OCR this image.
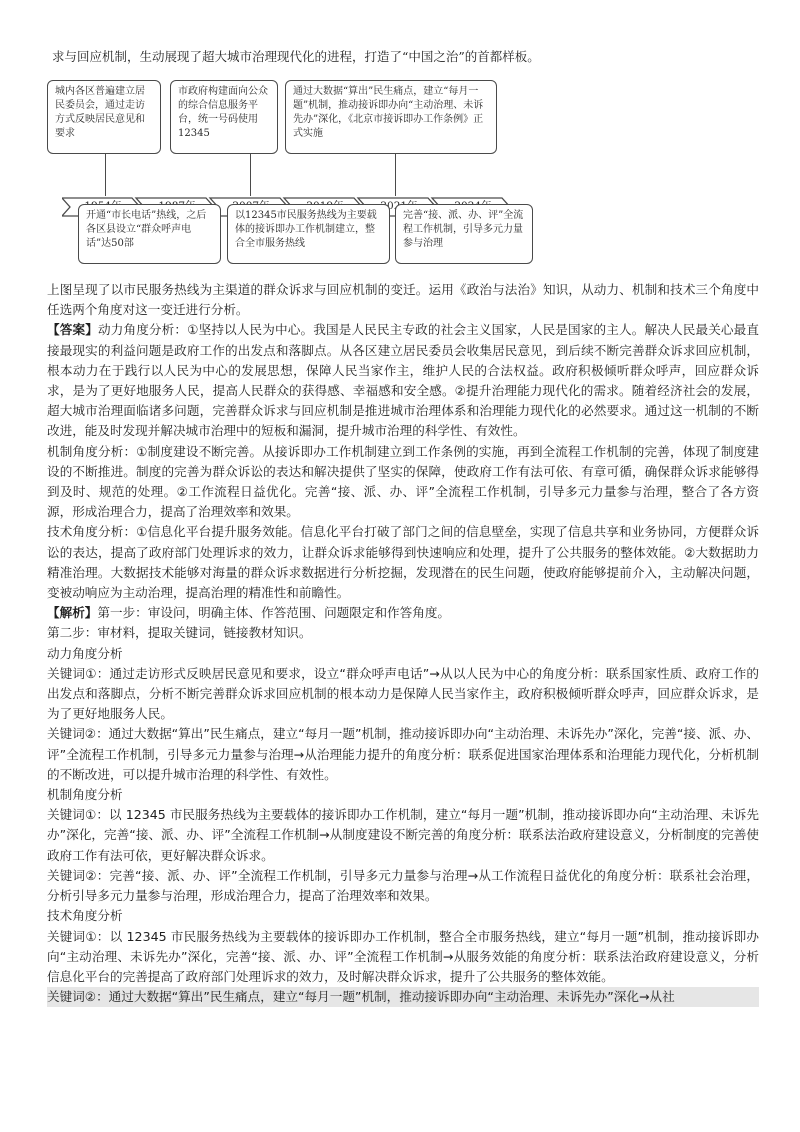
求与回应机制，生动展现了超大城市治理现代化的进程，打造了“中国之治”的首都样板。
城内各区普遍建立居民委员会，通过走访方式反映居民意见和要求
市政府构建面向公众的综合信息服务平台，统一号码使用12345
通过大数据“算出”民生痛点，建立“每月一题”机制，推动接诉即办向“主动治理、未诉先办”深化，《北京市接诉即办工作条例》正式实施
开通“市长电话”热线，之后各区县设立“群众呼声电话”达50部
以12345市民服务热线为主要载体的接诉即办工作机制建立，整合全市服务热线
完善“接、派、办、评”全流程工作机制，引导多元力量参与治理

上图呈现了以市民服务热线为主渠道的群众诉求与回应机制的变迁。运用《政治与法治》知识，从动力、机制和技术三个角度中任选两个角度对这一变迁进行分析。

【答案】动力角度分析：①坚持以人民为中心。我国是人民民主专政的社会主义国家，人民是国家的主人。解决人民最关心最直接最现实的利益问题是政府工作的出发点和落脚点。从各区建立居民委员会收集居民意见，到后续不断完善群众诉求回应机制，根本动力在于践行以人民为中心的发展思想，保障人民当家作主，维护人民的合法权益。政府积极倾听群众呼声，回应群众诉求，是为了更好地服务人民，提高人民群众的获得感、幸福感和安全感。②提升治理能力现代化的需求。随着经济社会的发展，超大城市治理面临诸多问题，完善群众诉求与回应机制是推进城市治理体系和治理能力现代化的必然要求。通过这一机制的不断改进，能及时发现并解决城市治理中的短板和漏洞，提升城市治理的科学性、有效性。

机制角度分析：①制度建设不断完善。从接诉即办工作机制建立到工作条例的实施，再到全流程工作机制的完善，体现了制度建设的不断推进。制度的完善为群众诉讼的表达和解决提供了坚实的保障，使政府工作有法可依、有章可循，确保群众诉求能够得到及时、规范的处理。②工作流程日益优化。完善“接、派、办、评”全流程工作机制，引导多元力量参与治理，整合了各方资源，形成治理合力，提高了治理效率和效果。

技术角度分析：①信息化平台提升服务效能。信息化平台打破了部门之间的信息壁垒，实现了信息共享和业务协同，方便群众诉讼的表达，提高了政府部门处理诉求的效力，让群众诉求能够得到快速响应和处理，提升了公共服务的整体效能。②大数据助力精准治理。大数据技术能够对海量的群众诉求数据进行分析挖掘，发现潜在的民生问题，使政府能够提前介入，主动解决问题，变被动响应为主动治理，提高治理的精准性和前瞻性。

【解析】第一步：审设问，明确主体、作答范围、问题限定和作答角度。

第二步：审材料，提取关键词，链接教材知识。

动力角度分析

关键词①：通过走访形式反映居民意见和要求，设立“群众呼声电话”→从以人民为中心的角度分析：联系国家性质、政府工作的出发点和落脚点，分析不断完善群众诉求回应机制的根本动力是保障人民当家作主，政府积极倾听群众呼声，回应群众诉求，是为了更好地服务人民。

关键词②：通过大数据“算出”民生痛点，建立“每月一题”机制，推动接诉即办向“主动治理、未诉先办”深化，完善“接、派、办、评”全流程工作机制，引导多元力量参与治理→从治理能力提升的角度分析：联系促进国家治理体系和治理能力现代化，分析机制的不断改进，可以提升城市治理的科学性、有效性。

机制角度分析

关键词①：以 12345 市民服务热线为主要载体的接诉即办工作机制，建立“每月一题”机制，推动接诉即办向“主动治理、未诉先办”深化，完善“接、派、办、评”全流程工作机制→从制度建设不断完善的角度分析：联系法治政府建设意义，分析制度的完善使政府工作有法可依，更好解决群众诉求。

关键词②：完善“接、派、办、评”全流程工作机制，引导多元力量参与治理→从工作流程日益优化的角度分析：联系社会治理，分析引导多元力量参与治理，形成治理合力，提高了治理效率和效果。

技术角度分析

关键词①：以 12345 市民服务热线为主要载体的接诉即办工作机制，整合全市服务热线，建立“每月一题”机制，推动接诉即办向“主动治理、未诉先办”深化，完善“接、派、办、评”全流程工作机制→从服务效能的角度分析：联系法治政府建设意义，分析信息化平台的完善提高了政府部门处理诉求的效力，及时解决群众诉求，提升了公共服务的整体效能。

关键词②：通过大数据“算出”民生痛点，建立“每月一题”机制，推动接诉即办向“主动治理、未诉先办”深化→从社
